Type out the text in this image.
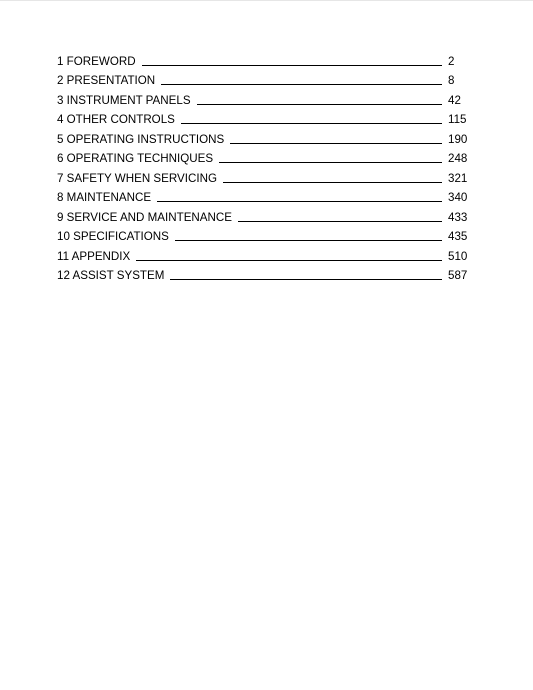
1 FOREWORD	2
2 PRESENTATION	8
3 INSTRUMENT PANELS	42
4 OTHER CONTROLS	115
5 OPERATING INSTRUCTIONS	190
6 OPERATING TECHNIQUES	248
7 SAFETY WHEN SERVICING	321
8 MAINTENANCE	340
9 SERVICE AND MAINTENANCE	433
10 SPECIFICATIONS	435
11 APPENDIX	510
12 ASSIST SYSTEM	587
